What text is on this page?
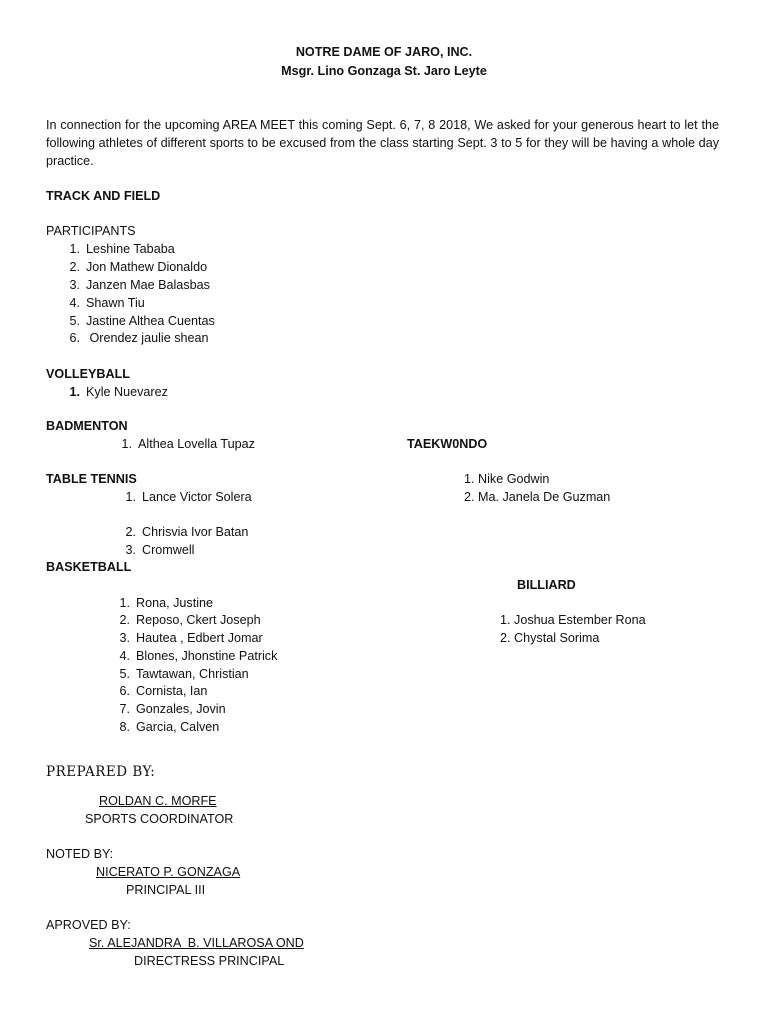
NOTRE DAME OF JARO, INC.
Msgr. Lino Gonzaga St. Jaro Leyte
In connection for the upcoming AREA MEET this coming Sept. 6, 7, 8 2018, We asked for your generous heart to let the following athletes of different sports to be excused from the class starting Sept. 3 to 5 for they will be having a whole day practice.
TRACK AND FIELD
PARTICIPANTS
1. Leshine Tababa
2. Jon Mathew Dionaldo
3. Janzen Mae Balasbas
4. Shawn Tiu
5. Jastine Althea Cuentas
6. Orendez jaulie shean
VOLLEYBALL
1. Kyle Nuevarez
BADMENTON
1. Althea Lovella Tupaz	TAEKW0NDO
1. Nike Godwin
2. Ma. Janela De Guzman
TABLE TENNIS
1. Lance Victor Solera
2. Chrisvia Ivor Batan
3. Cromwell
BASKETBALL
1. Rona, Justine
2. Reposo, Ckert Joseph
3. Hautea , Edbert Jomar
4. Blones, Jhonstine Patrick
5. Tawtawan, Christian
6. Cornista, Ian
7. Gonzales, Jovin
8. Garcia, Calven
BILLIARD
1. Joshua Estember Rona
2. Chystal Sorima
PREPARED BY:
ROLDAN C. MORFE
SPORTS COORDINATOR
NOTED BY:
NICERATO P. GONZAGA
PRINCIPAL III
APROVED BY:
Sr. ALEJANDRA  B. VILLAROSA OND
DIRECTRESS PRINCIPAL
